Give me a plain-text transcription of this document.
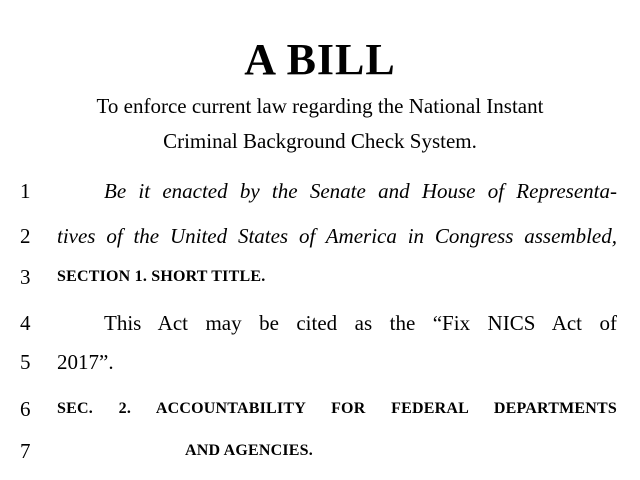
A BILL
To enforce current law regarding the National Instant
Criminal Background Check System.
1	Be it enacted by the Senate and House of Representa-
2	tives of the United States of America in Congress assembled,
3	SECTION 1. SHORT TITLE.
4	This Act may be cited as the “Fix NICS Act of
5	2017”.
6	SEC. 2. ACCOUNTABILITY FOR FEDERAL DEPARTMENTS
7	AND AGENCIES.
